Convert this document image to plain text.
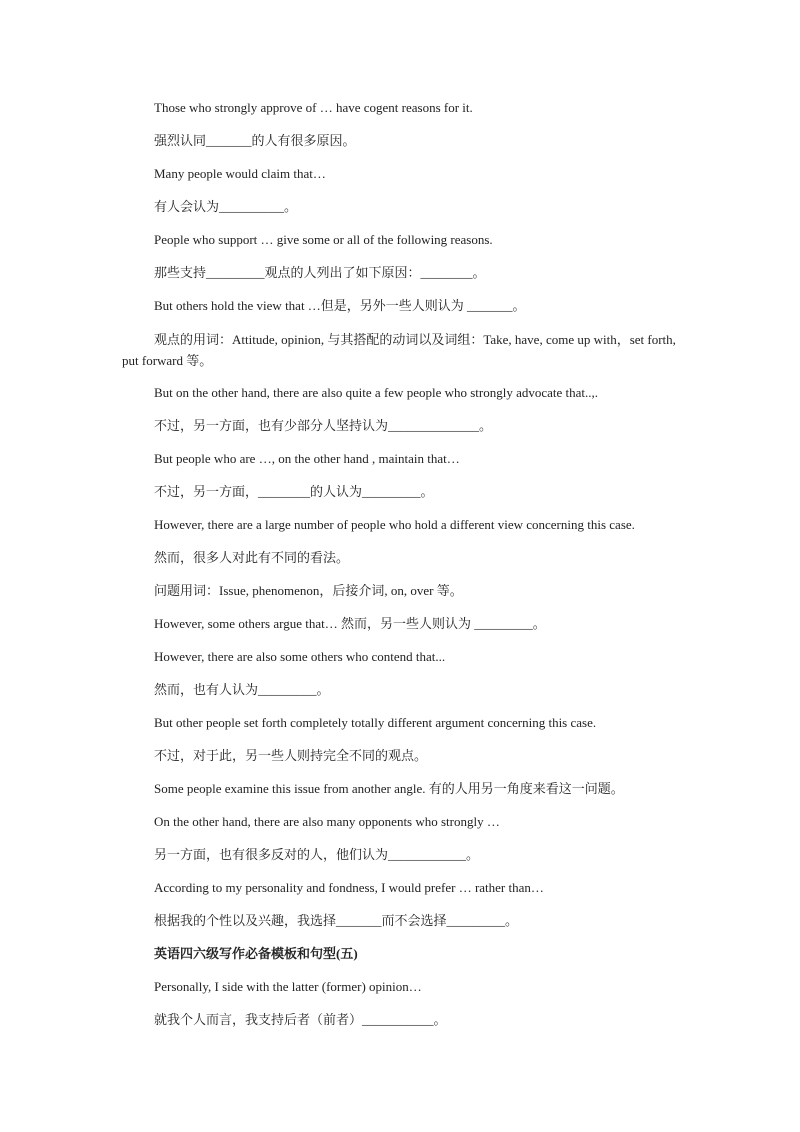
Those who strongly approve of … have cogent reasons for it.
强烈认同_______的人有很多原因。
Many people would claim that…
有人会认为__________。
People who support … give some or all of the following reasons.
那些支持_________观点的人列出了如下原因：________。
But others hold the view that …但是，另外一些人则认为 _______。
观点的用词：Attitude, opinion, 与其搭配的动词以及词组：Take, have, come up with，set forth, put forward 等。
But on the other hand, there are also quite a few people who strongly advocate that..,.
不过，另一方面，也有少部分人坚持认为______________。
But people who are …, on the other hand , maintain that…
不过，另一方面，________的人认为_________。
However, there are a large number of people who hold a different view concerning this case.
然而，很多人对此有不同的看法。
问题用词：Issue, phenomenon，后接介词, on, over 等。
However, some others argue that… 然而，另一些人则认为 _________。
However, there are also some others who contend that...
然而，也有人认为_________。
But other people set forth completely totally different argument concerning this case.
不过，对于此，另一些人则持完全不同的观点。
Some people examine this issue from another angle. 有的人用另一角度来看这一问题。
On the other hand, there are also many opponents who strongly …
另一方面，也有很多反对的人，他们认为____________。
According to my personality and fondness, I would prefer … rather than…
根据我的个性以及兴趣，我选择_______而不会选择_________。
英语四六级写作必备模板和句型(五)
Personally, I side with the latter (former) opinion…
就我个人而言，我支持后者（前者）___________。
